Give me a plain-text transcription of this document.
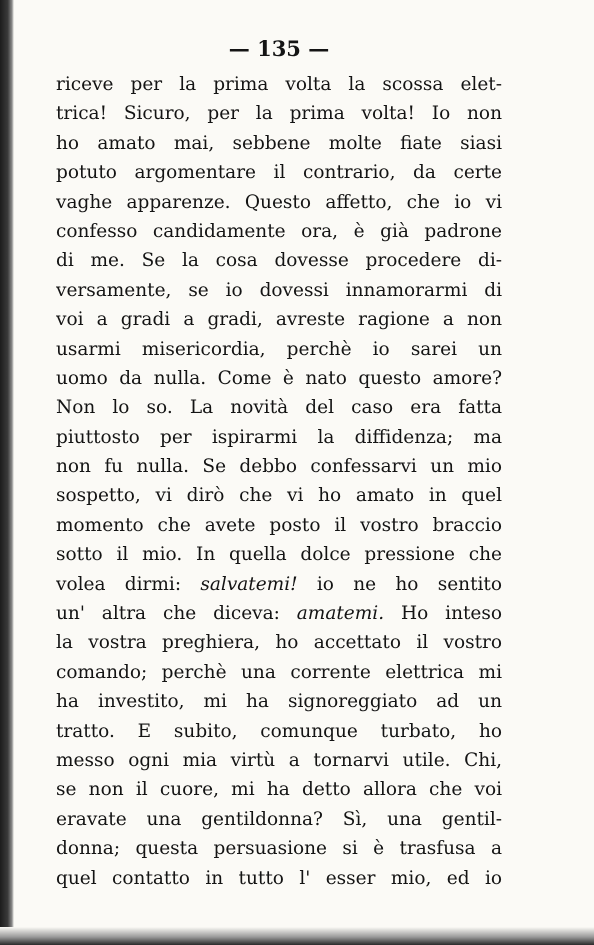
— 135 —
riceve per la prima volta la scossa elet-
trica! Sicuro, per la prima volta! Io non
ho amato mai, sebbene molte fiate siasi
potuto argomentare il contrario, da certe
vaghe apparenze. Questo affetto, che io vi
confesso candidamente ora, è già padrone
di me. Se la cosa dovesse procedere di-
versamente, se io dovessi innamorarmi di
voi a gradi a gradi, avreste ragione a non
usarmi misericordia, perchè io sarei un
uomo da nulla. Come è nato questo amore?
Non lo so. La novità del caso era fatta
piuttosto per ispirarmi la diffidenza; ma
non fu nulla. Se debbo confessarvi un mio
sospetto, vi dirò che vi ho amato in quel
momento che avete posto il vostro braccio
sotto il mio. In quella dolce pressione che
volea dirmi: salvatemi! io ne ho sentito
un' altra che diceva: amatemi. Ho inteso
la vostra preghiera, ho accettato il vostro
comando; perchè una corrente elettrica mi
ha investito, mi ha signoreggiato ad un
tratto. E subito, comunque turbato, ho
messo ogni mia virtù a tornarvi utile. Chi,
se non il cuore, mi ha detto allora che voi
eravate una gentildonna? Sì, una gentil-
donna; questa persuasione si è trasfusa a
quel contatto in tutto l' esser mio, ed io
